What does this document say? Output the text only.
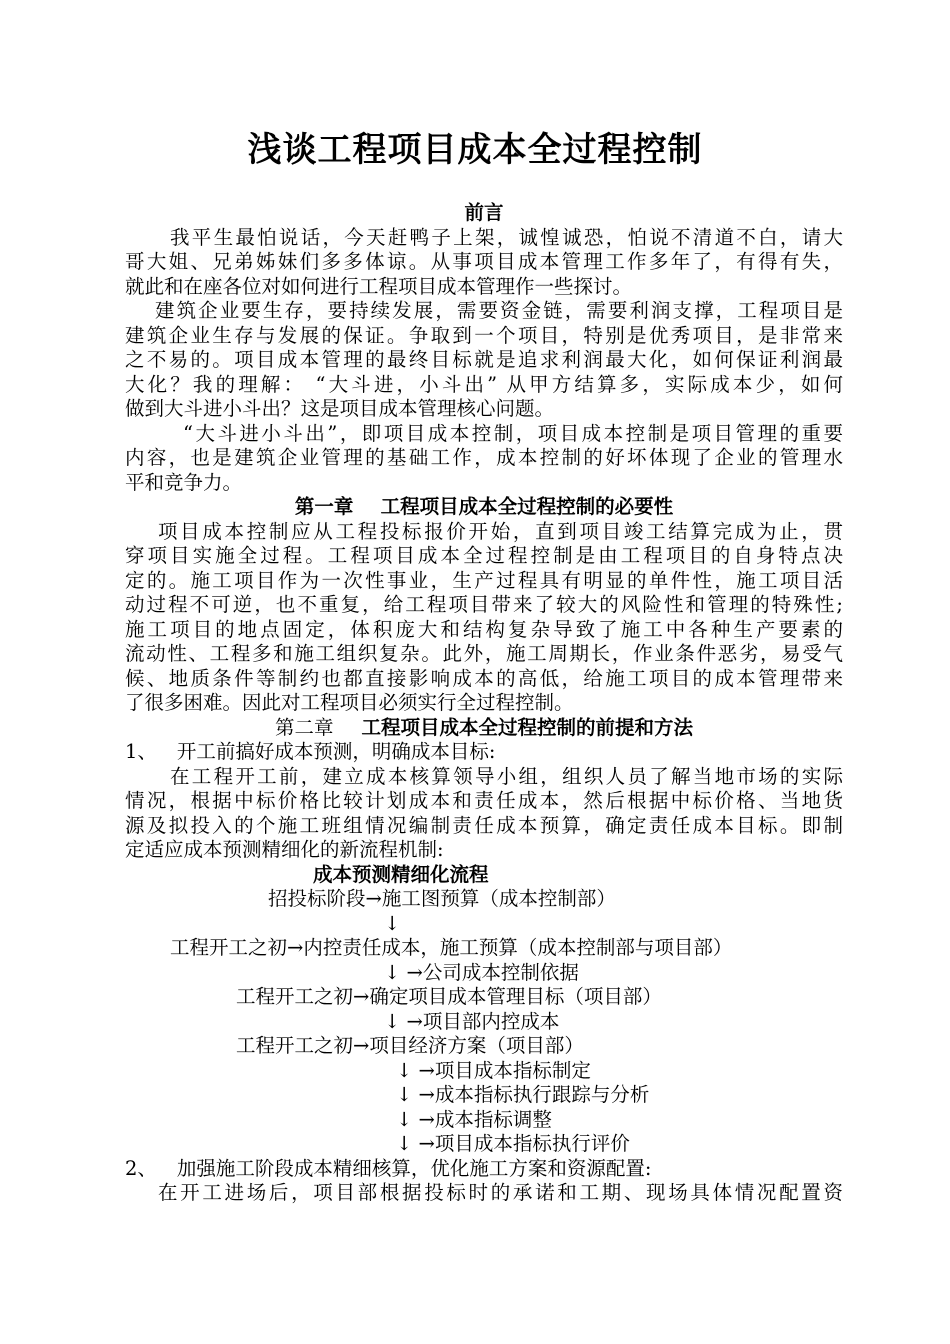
浅谈工程项目成本全过程控制
前言
我平生最怕说话，今天赶鸭子上架，诚惶诚恐，怕说不清道不白，请大
哥大姐、兄弟姊妹们多多体谅。从事项目成本管理工作多年了，有得有失，
就此和在座各位对如何进行工程项目成本管理作一些探讨。
建筑企业要生存，要持续发展，需要资金链，需要利润支撑，工程项目是
建筑企业生存与发展的保证。争取到一个项目，特别是优秀项目，是非常来
之不易的。项目成本管理的最终目标就是追求利润最大化，如何保证利润最
大化？我的理解： “大斗进，小斗出” 从甲方结算多，实际成本少，如何
做到大斗进小斗出？这是项目成本管理核心问题。
“大斗进小斗出”，即项目成本控制，项目成本控制是项目管理的重要
内容，也是建筑企业管理的基础工作，成本控制的好坏体现了企业的管理水
平和竞争力。
第一章    工程项目成本全过程控制的必要性
项目成本控制应从工程投标报价开始，直到项目竣工结算完成为止，贯
穿项目实施全过程。工程项目成本全过程控制是由工程项目的自身特点决
定的。施工项目作为一次性事业，生产过程具有明显的单件性，施工项目活
动过程不可逆，也不重复，给工程项目带来了较大的风险性和管理的特殊性;
施工项目的地点固定，体积庞大和结构复杂导致了施工中各种生产要素的
流动性、工程多和施工组织复杂。此外，施工周期长，作业条件恶劣，易受气
候、地质条件等制约也都直接影响成本的高低，给施工项目的成本管理带来
了很多困难。因此对工程项目必须实行全过程控制。
第二章 工程项目成本全过程控制的前提和方法
1、 开工前搞好成本预测，明确成本目标:
在工程开工前，建立成本核算领导小组，组织人员了解当地市场的实际
情况，根据中标价格比较计划成本和责任成本，然后根据中标价格、当地货
源及拟投入的个施工班组情况编制责任成本预算，确定责任成本目标。即制
定适应成本预测精细化的新流程机制:
成本预测精细化流程
招投标阶段→施工图预算（成本控制部）
↓
工程开工之初→内控责任成本，施工预算（成本控制部与项目部）
↓ →公司成本控制依据
工程开工之初→确定项目成本管理目标（项目部）
↓ →项目部内控成本
工程开工之初→项目经济方案（项目部）
↓ →项目成本指标制定
↓ →成本指标执行跟踪与分析
↓ →成本指标调整
↓ →项目成本指标执行评价
2、 加强施工阶段成本精细核算，优化施工方案和资源配置:
在开工进场后，项目部根据投标时的承诺和工期、现场具体情况配置资
